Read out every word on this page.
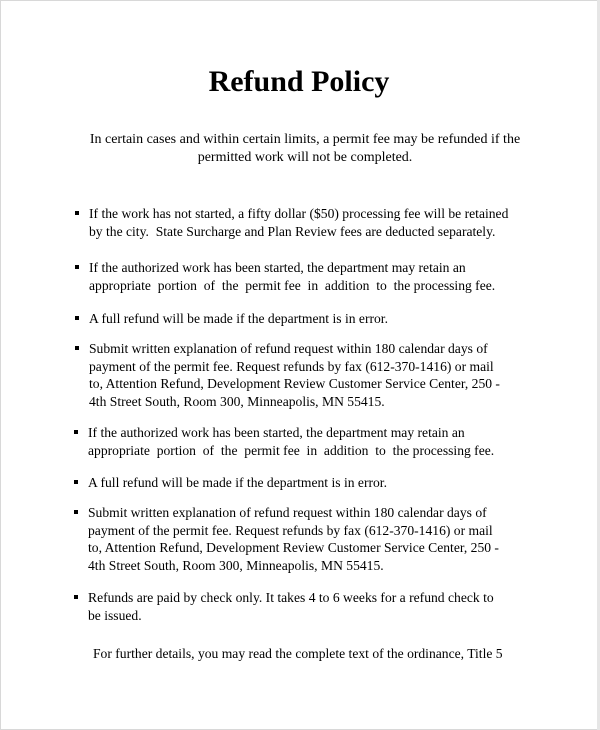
Refund Policy

In certain cases and within certain limits, a permit fee may be refunded if the
permitted work will not be completed.

If the work has not started, a fifty dollar ($50) processing fee will be retained
by the city.  State Surcharge and Plan Review fees are deducted separately.
If the authorized work has been started, the department may retain an
appropriate  portion  of  the  permit fee  in  addition  to  the processing fee.
A full refund will be made if the department is in error.
Submit written explanation of refund request within 180 calendar days of
payment of the permit fee. Request refunds by fax (612-370-1416) or mail
to, Attention Refund, Development Review Customer Service Center, 250 -
4th Street South, Room 300, Minneapolis, MN 55415.
If the authorized work has been started, the department may retain an
appropriate  portion  of  the  permit fee  in  addition  to  the processing fee.
A full refund will be made if the department is in error.
Submit written explanation of refund request within 180 calendar days of
payment of the permit fee. Request refunds by fax (612-370-1416) or mail
to, Attention Refund, Development Review Customer Service Center, 250 -
4th Street South, Room 300, Minneapolis, MN 55415.
Refunds are paid by check only. It takes 4 to 6 weeks for a refund check to
be issued.

For further details, you may read the complete text of the ordinance, Title 5
